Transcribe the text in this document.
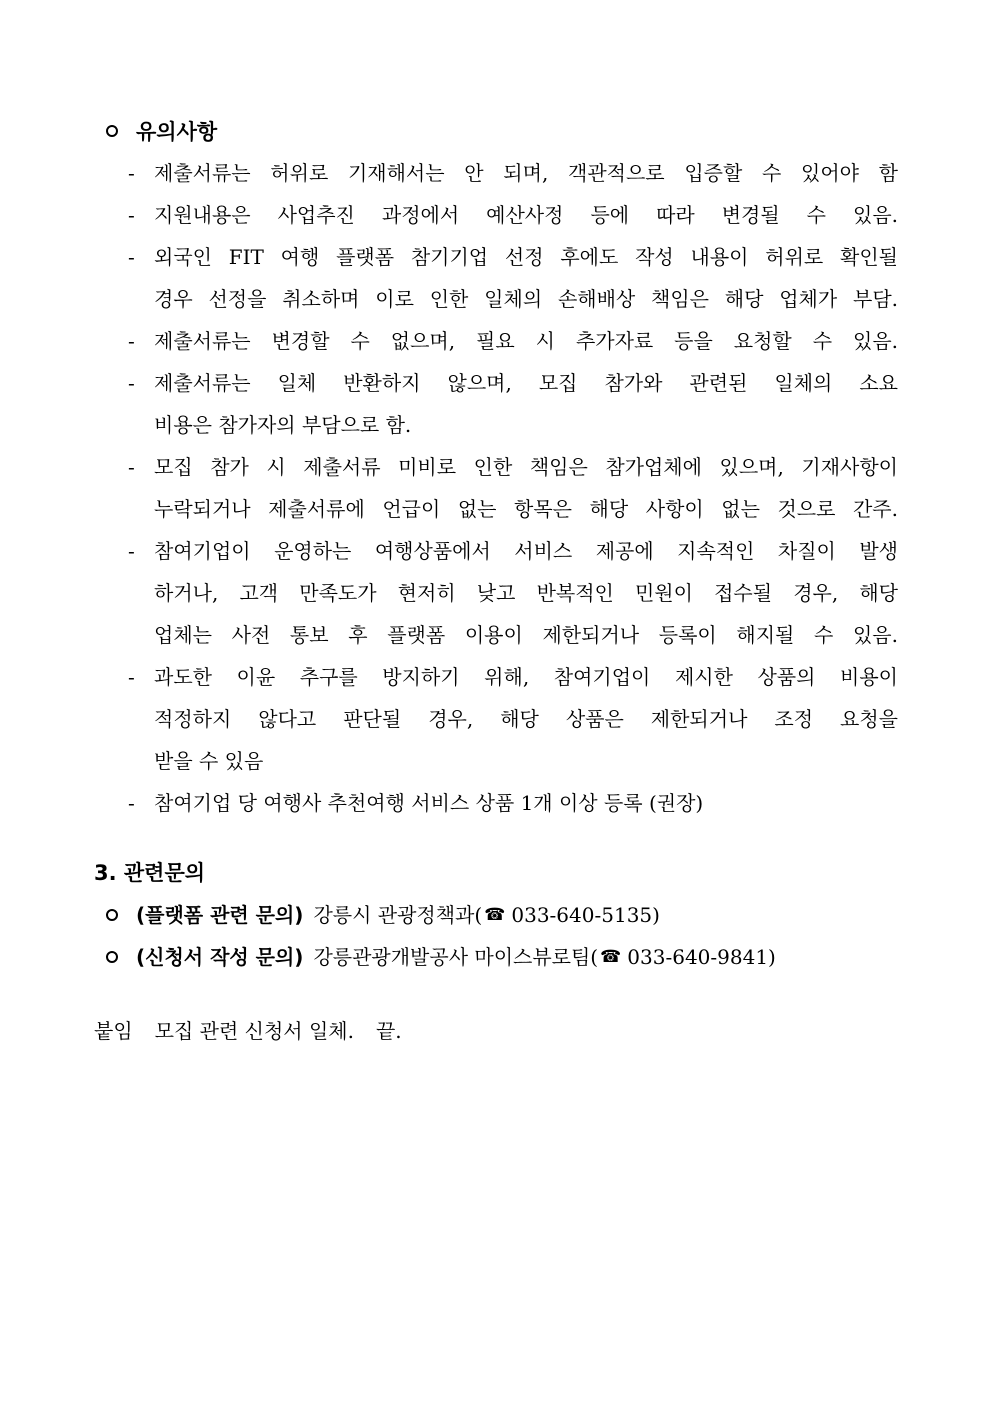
유의사항
- 제출서류는 허위로 기재해서는 안 되며, 객관적으로 입증할 수 있어야 함
- 지원내용은 사업추진 과정에서 예산사정 등에 따라 변경될 수 있음.
- 외국인 FIT 여행 플랫폼 참기기업 선정 후에도 작성 내용이 허위로 확인될
경우 선정을 취소하며 이로 인한 일체의 손해배상 책임은 해당 업체가 부담.
- 제출서류는 변경할 수 없으며, 필요 시 추가자료 등을 요청할 수 있음.
- 제출서류는 일체 반환하지 않으며, 모집 참가와 관련된 일체의 소요
비용은 참가자의 부담으로 함.
- 모집 참가 시 제출서류 미비로 인한 책임은 참가업체에 있으며, 기재사항이
누락되거나 제출서류에 언급이 없는 항목은 해당 사항이 없는 것으로 간주.
- 참여기업이 운영하는 여행상품에서 서비스 제공에 지속적인 차질이 발생
하거나, 고객 만족도가 현저히 낮고 반복적인 민원이 접수될 경우, 해당
업체는 사전 통보 후 플랫폼 이용이 제한되거나 등록이 해지될 수 있음.
- 과도한 이윤 추구를 방지하기 위해, 참여기업이 제시한 상품의 비용이
적정하지 않다고 판단될 경우, 해당 상품은 제한되거나 조정 요청을
받을 수 있음
- 참여기업 당 여행사 추천여행 서비스 상품 1개 이상 등록 (권장)
3. 관련문의
(플랫폼 관련 문의) 강릉시 관광정책과( ☎ 033-640-5135)
(신청서 작성 문의) 강릉관광개발공사 마이스뷰로팀( ☎ 033-640-9841)
붙임 모집 관련 신청서 일체. 끝.
